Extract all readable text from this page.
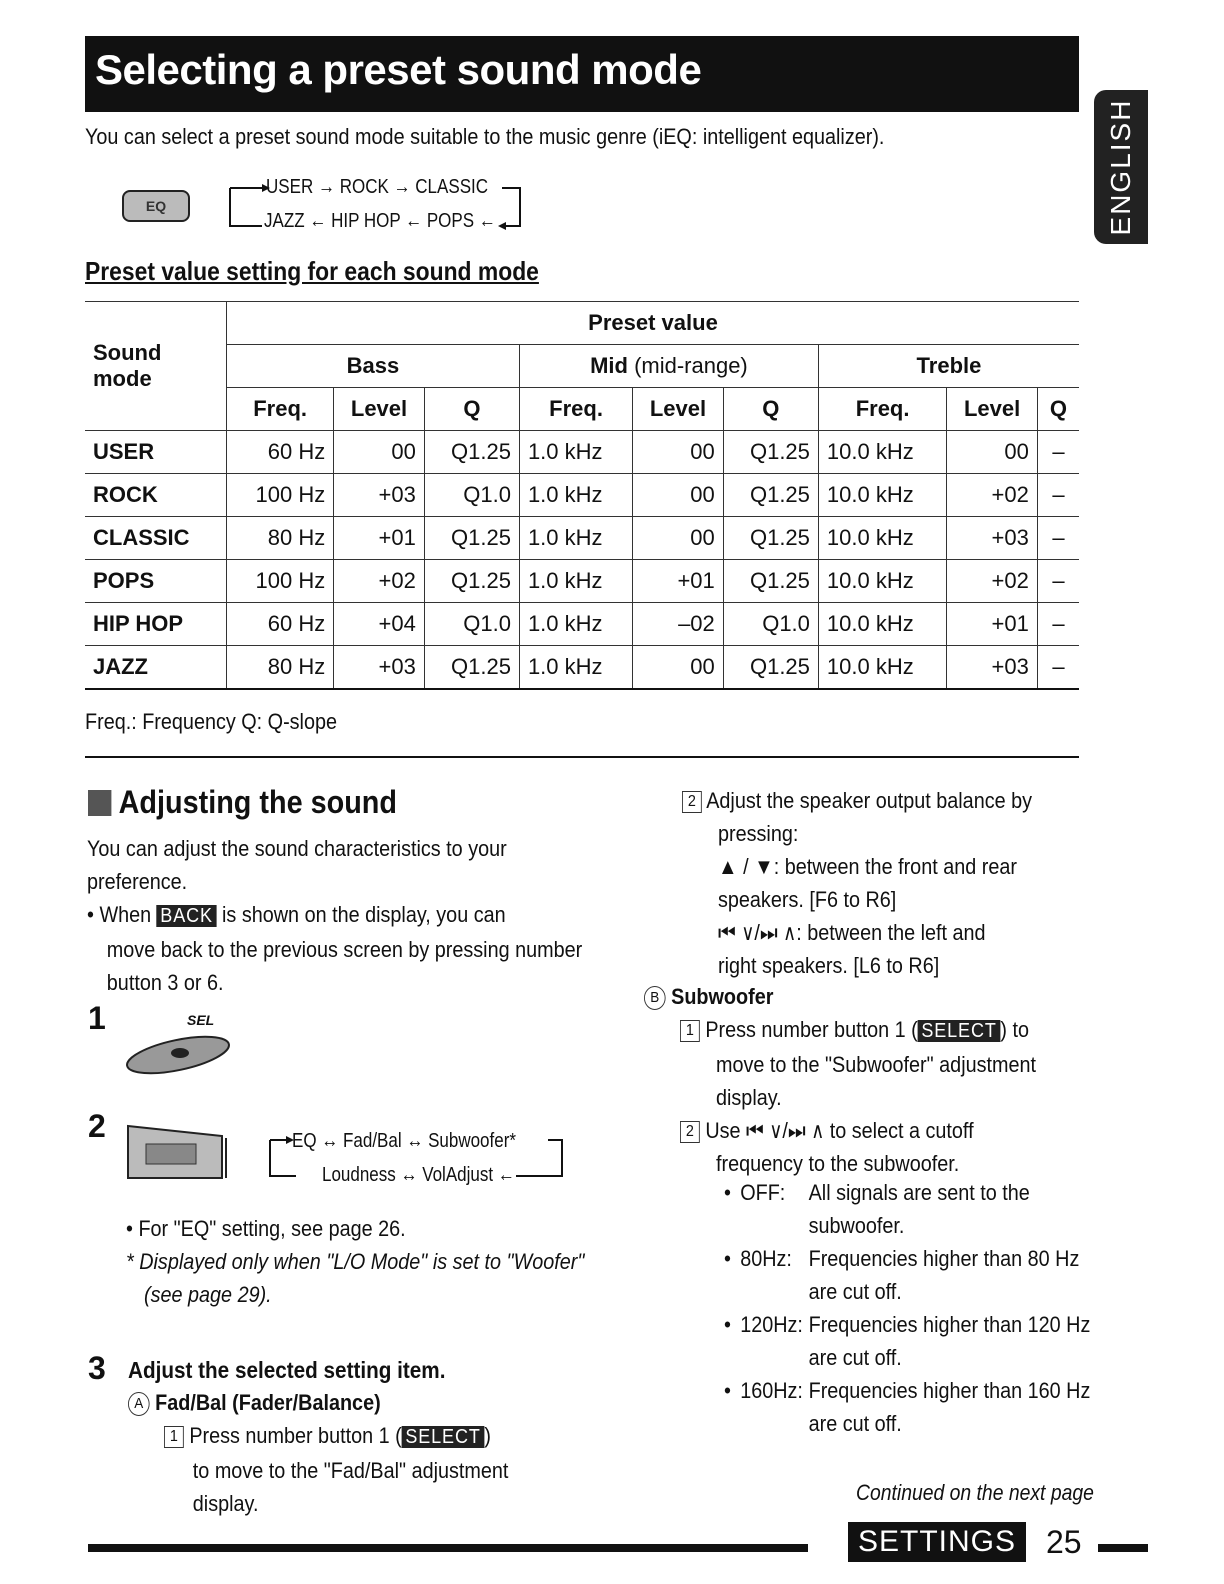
Selecting a preset sound mode
ENGLISH
You can select a preset sound mode suitable to the music genre (iEQ: intelligent equalizer).
EQ
USER → ROCK → CLASSIC
JAZZ ← HIP HOP ← POPS ←
Preset value setting for each sound mode
Sound mode	Preset value								
	Bass			Mid (mid-range)			Treble		
	Freq.	Level	Q	Freq.	Level	Q	Freq.	Level	Q
USER	60 Hz	00	Q1.25	1.0 kHz	00	Q1.25	10.0 kHz	00	–
ROCK	100 Hz	+03	Q1.0	1.0 kHz	00	Q1.25	10.0 kHz	+02	–
CLASSIC	80 Hz	+01	Q1.25	1.0 kHz	00	Q1.25	10.0 kHz	+03	–
POPS	100 Hz	+02	Q1.25	1.0 kHz	+01	Q1.25	10.0 kHz	+02	–
HIP HOP	60 Hz	+04	Q1.0	1.0 kHz	–02	Q1.0	10.0 kHz	+01	–
JAZZ	80 Hz	+03	Q1.25	1.0 kHz	00	Q1.25	10.0 kHz	+03	–
Freq.: Frequency Q: Q-slope
Adjusting the sound
You can adjust the sound characteristics to your
preference.
• When BACK is shown on the display, you can
move back to the previous screen by pressing number
button 3 or 6.
1	SEL
2	EQ ↔ Fad/Bal ↔ Subwoofer*
Loudness ↔ VolAdjust ←
• For "EQ" setting, see page 26.
* Displayed only when "L/O Mode" is set to "Woofer"
(see page 29).
3 Adjust the selected setting item.
A Fad/Bal (Fader/Balance)
1 Press number button 1 ( SELECT )
to move to the "Fad/Bal" adjustment
display.
2 Adjust the speaker output balance by
pressing:
▲ / ▼: between the front and rear
speakers. [F6 to R6]
⏮ ∨/⏭ ∧: between the left and
right speakers. [L6 to R6]
B Subwoofer
1 Press number button 1 ( SELECT ) to
move to the "Subwoofer" adjustment
display.
2 Use ⏮ ∨/⏭ ∧ to select a cutoff
frequency to the subwoofer.
• OFF: All signals are sent to the
subwoofer.
• 80Hz: Frequencies higher than 80 Hz
are cut off.
• 120Hz: Frequencies higher than 120 Hz
are cut off.
• 160Hz: Frequencies higher than 160 Hz
are cut off.
Continued on the next page
SETTINGS 25
